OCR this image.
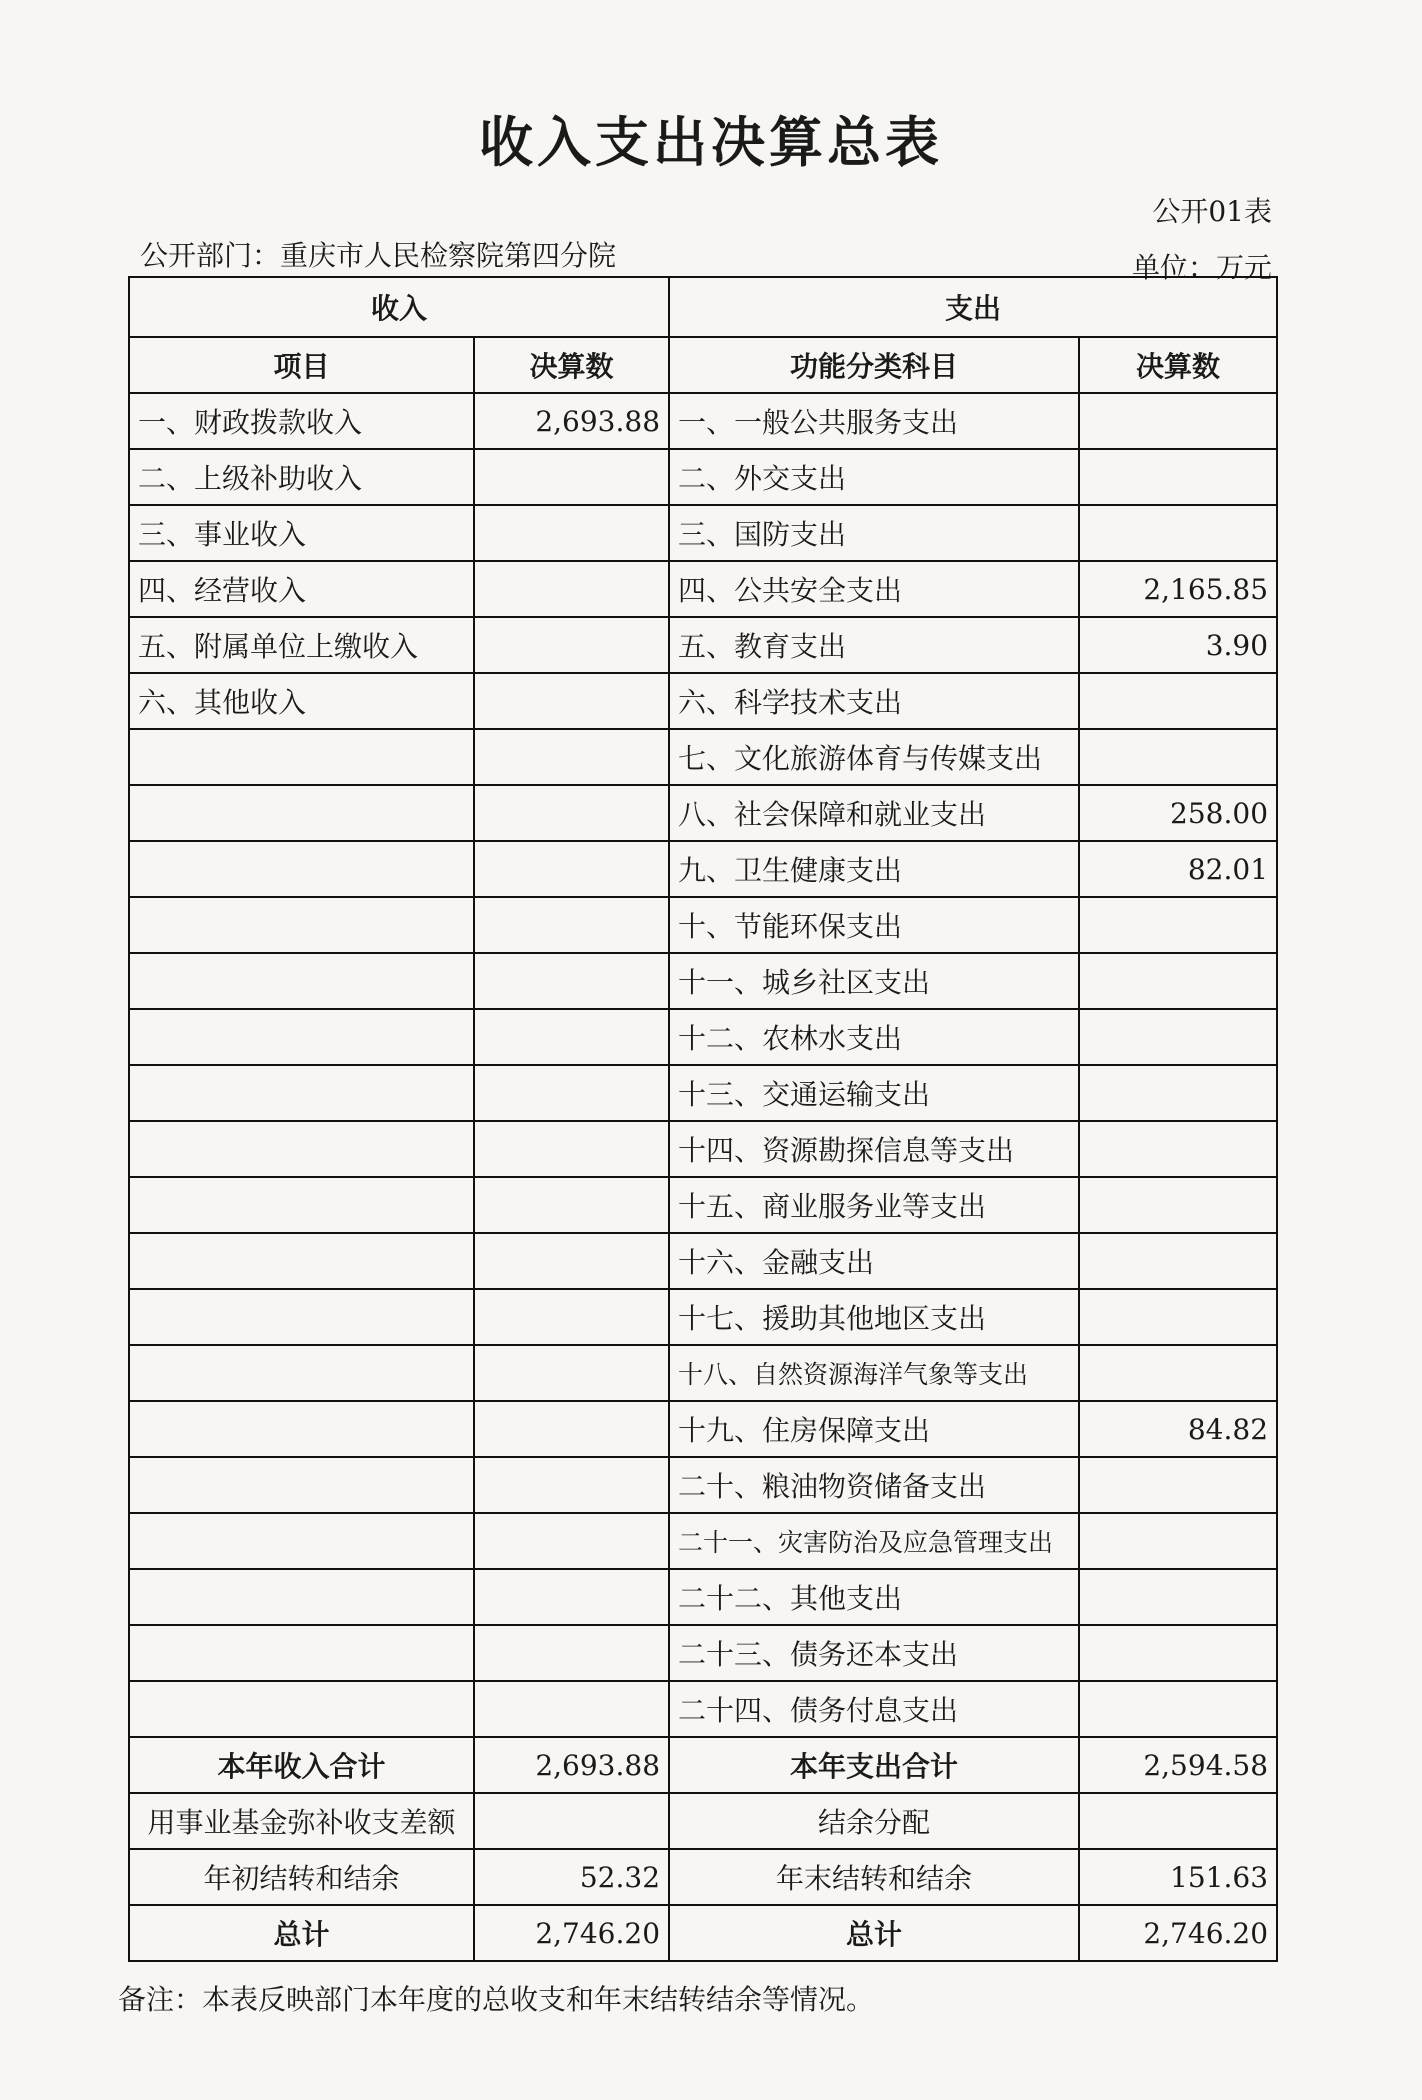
收入支出决算总表
公开01表
公开部门：重庆市人民检察院第四分院	单位：万元
收入		支出	
项目	决算数	功能分类科目	决算数
一、财政拨款收入	2,693.88	一、一般公共服务支出	
二、上级补助收入		二、外交支出	
三、事业收入		三、国防支出	
四、经营收入		四、公共安全支出	2,165.85
五、附属单位上缴收入		五、教育支出	3.90
六、其他收入		六、科学技术支出	
		七、文化旅游体育与传媒支出	
		八、社会保障和就业支出	258.00
		九、卫生健康支出	82.01
		十、节能环保支出	
		十一、城乡社区支出	
		十二、农林水支出	
		十三、交通运输支出	
		十四、资源勘探信息等支出	
		十五、商业服务业等支出	
		十六、金融支出	
		十七、援助其他地区支出	
		十八、自然资源海洋气象等支出	
		十九、住房保障支出	84.82
		二十、粮油物资储备支出	
		二十一、灾害防治及应急管理支出	
		二十二、其他支出	
		二十三、债务还本支出	
		二十四、债务付息支出	
本年收入合计	2,693.88	本年支出合计	2,594.58
用事业基金弥补收支差额		结余分配	
年初结转和结余	52.32	年末结转和结余	151.63
总计	2,746.20	总计	2,746.20
备注：本表反映部门本年度的总收支和年末结转结余等情况。
